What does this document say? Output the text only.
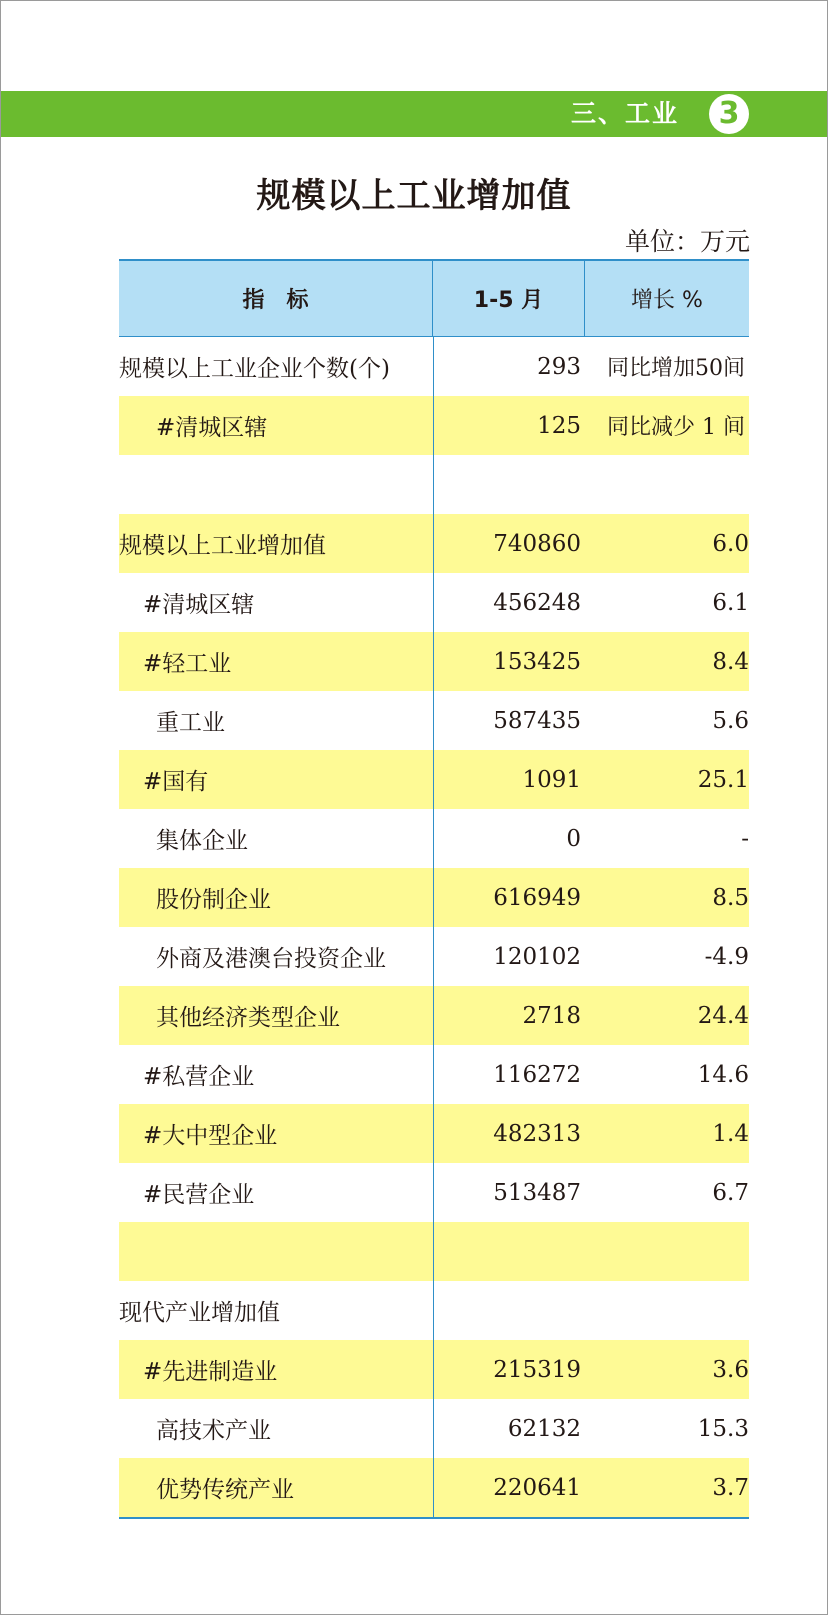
三、工业	3
规模以上工业增加值
单位：万元
指　标	1-5 月	增长 %
规模以上工业企业个数(个)	293	同比增加50间
#清城区辖	125	同比减少 1 间
规模以上工业增加值	740860	6.0
#清城区辖	456248	6.1
#轻工业	153425	8.4
重工业	587435	5.6
#国有	1091	25.1
集体企业	0	-
股份制企业	616949	8.5
外商及港澳台投资企业	120102	-4.9
其他经济类型企业	2718	24.4
#私营企业	116272	14.6
#大中型企业	482313	1.4
#民营企业	513487	6.7
现代产业增加值
#先进制造业	215319	3.6
高技术产业	62132	15.3
优势传统产业	220641	3.7
